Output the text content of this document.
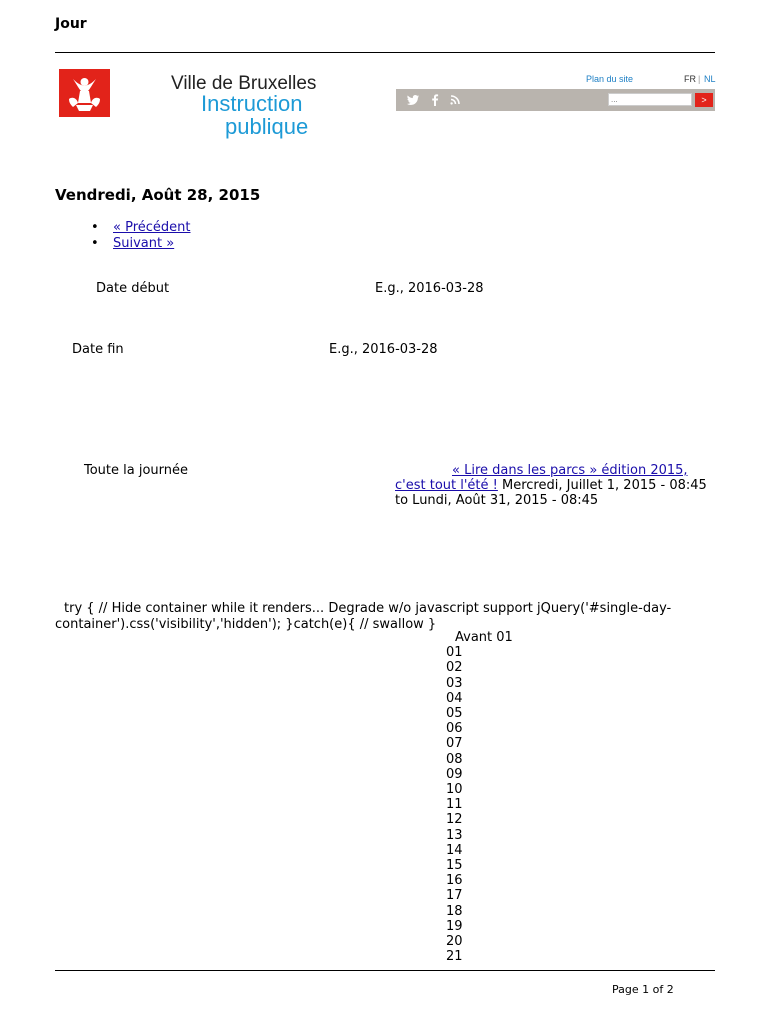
Jour
Ville de Bruxelles
Instruction
publique
Plan du site	FR | NL
...
>
Vendredi, Août 28, 2015
• « Précédent
• Suivant »
Date début	E.g., 2016-03-28
Date fin	E.g., 2016-03-28
Toute la journée	« Lire dans les parcs » édition 2015, c'est tout l'été ! Mercredi, Juillet 1, 2015 - 08:45 to Lundi, Août 31, 2015 - 08:45
try { // Hide container while it renders... Degrade w/o javascript support jQuery('#single-day-container').css('visibility','hidden'); }catch(e){ // swallow }
Avant 01
01
02
03
04
05
06
07
08
09
10
11
12
13
14
15
16
17
18
19
20
21
Page 1 of 2
